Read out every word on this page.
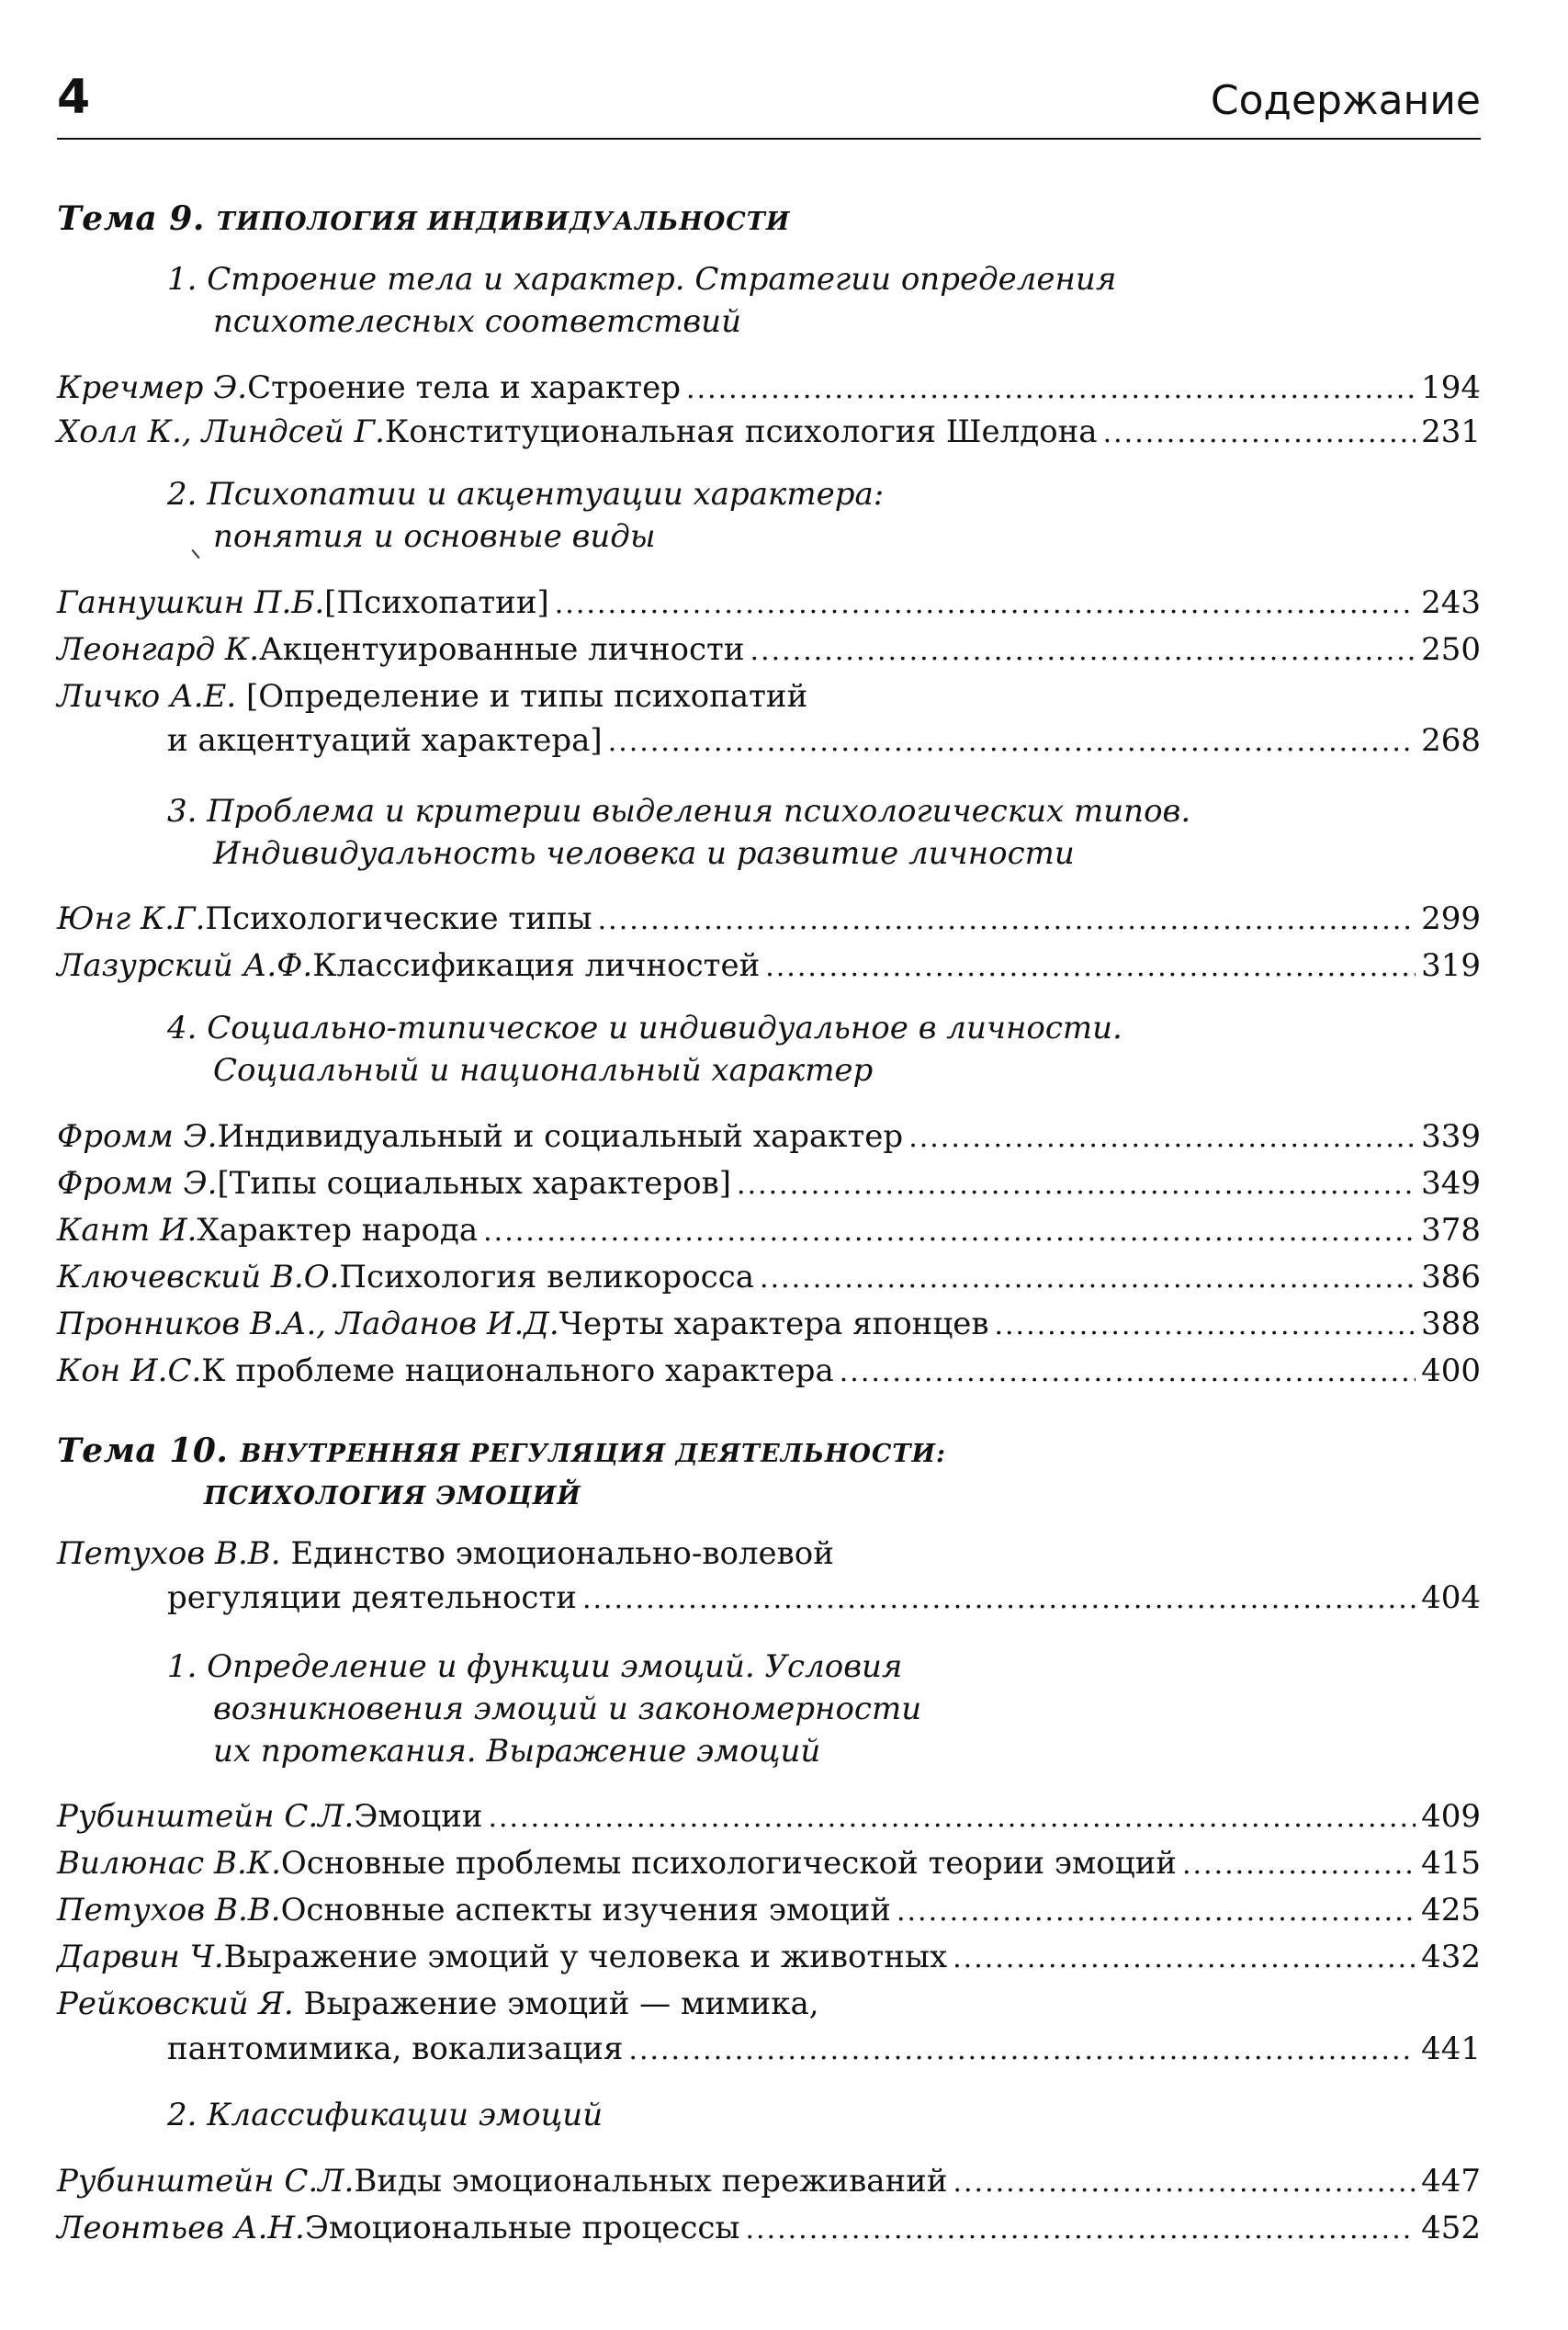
4	Содержание
Тема 9. ТИПОЛОГИЯ ИНДИВИДУАЛЬНОСТИ
1. Строение тела и характер. Стратегии определения
психотелесных соответствий
Кречмер Э. Строение тела и характер .....	194
Холл К., Линдсей Г. Конституциональная психология Шелдона .....	231
2. Психопатии и акцентуации характера:
понятия и основные виды
Ганнушкин П.Б. [Психопатии] .....	243
Леонгард К. Акцентуированные личности .....	250
Личко А.Е. [Определение и типы психопатий
и акцентуаций характера] .....	268
3. Проблема и критерии выделения психологических типов.
Индивидуальность человека и развитие личности
Юнг К.Г. Психологические типы .....	299
Лазурский А.Ф. Классификация личностей .....	319
4. Социально-типическое и индивидуальное в личности.
Социальный и национальный характер
Фромм Э. Индивидуальный и социальный характер .....	339
Фромм Э. [Типы социальных характеров] .....	349
Кант И. Характер народа .....	378
Ключевский В.О. Психология великоросса .....	386
Пронников В.А., Ладанов И.Д. Черты характера японцев .....	388
Кон И.С. К проблеме национального характера .....	400
Тема 10. ВНУТРЕННЯЯ РЕГУЛЯЦИЯ ДЕЯТЕЛЬНОСТИ:
ПСИХОЛОГИЯ ЭМОЦИЙ
Петухов В.В. Единство эмоционально-волевой
регуляции деятельности .....	404
1. Определение и функции эмоций. Условия
возникновения эмоций и закономерности
их протекания. Выражение эмоций
Рубинштейн С.Л. Эмоции .....	409
Вилюнас В.К. Основные проблемы психологической теории эмоций .....	415
Петухов В.В. Основные аспекты изучения эмоций .....	425
Дарвин Ч. Выражение эмоций у человека и животных .....	432
Рейковский Я. Выражение эмоций — мимика,
пантомимика, вокализация .....	441
2. Классификации эмоций
Рубинштейн С.Л. Виды эмоциональных переживаний .....	447
Леонтьев А.Н. Эмоциональные процессы .....	452
